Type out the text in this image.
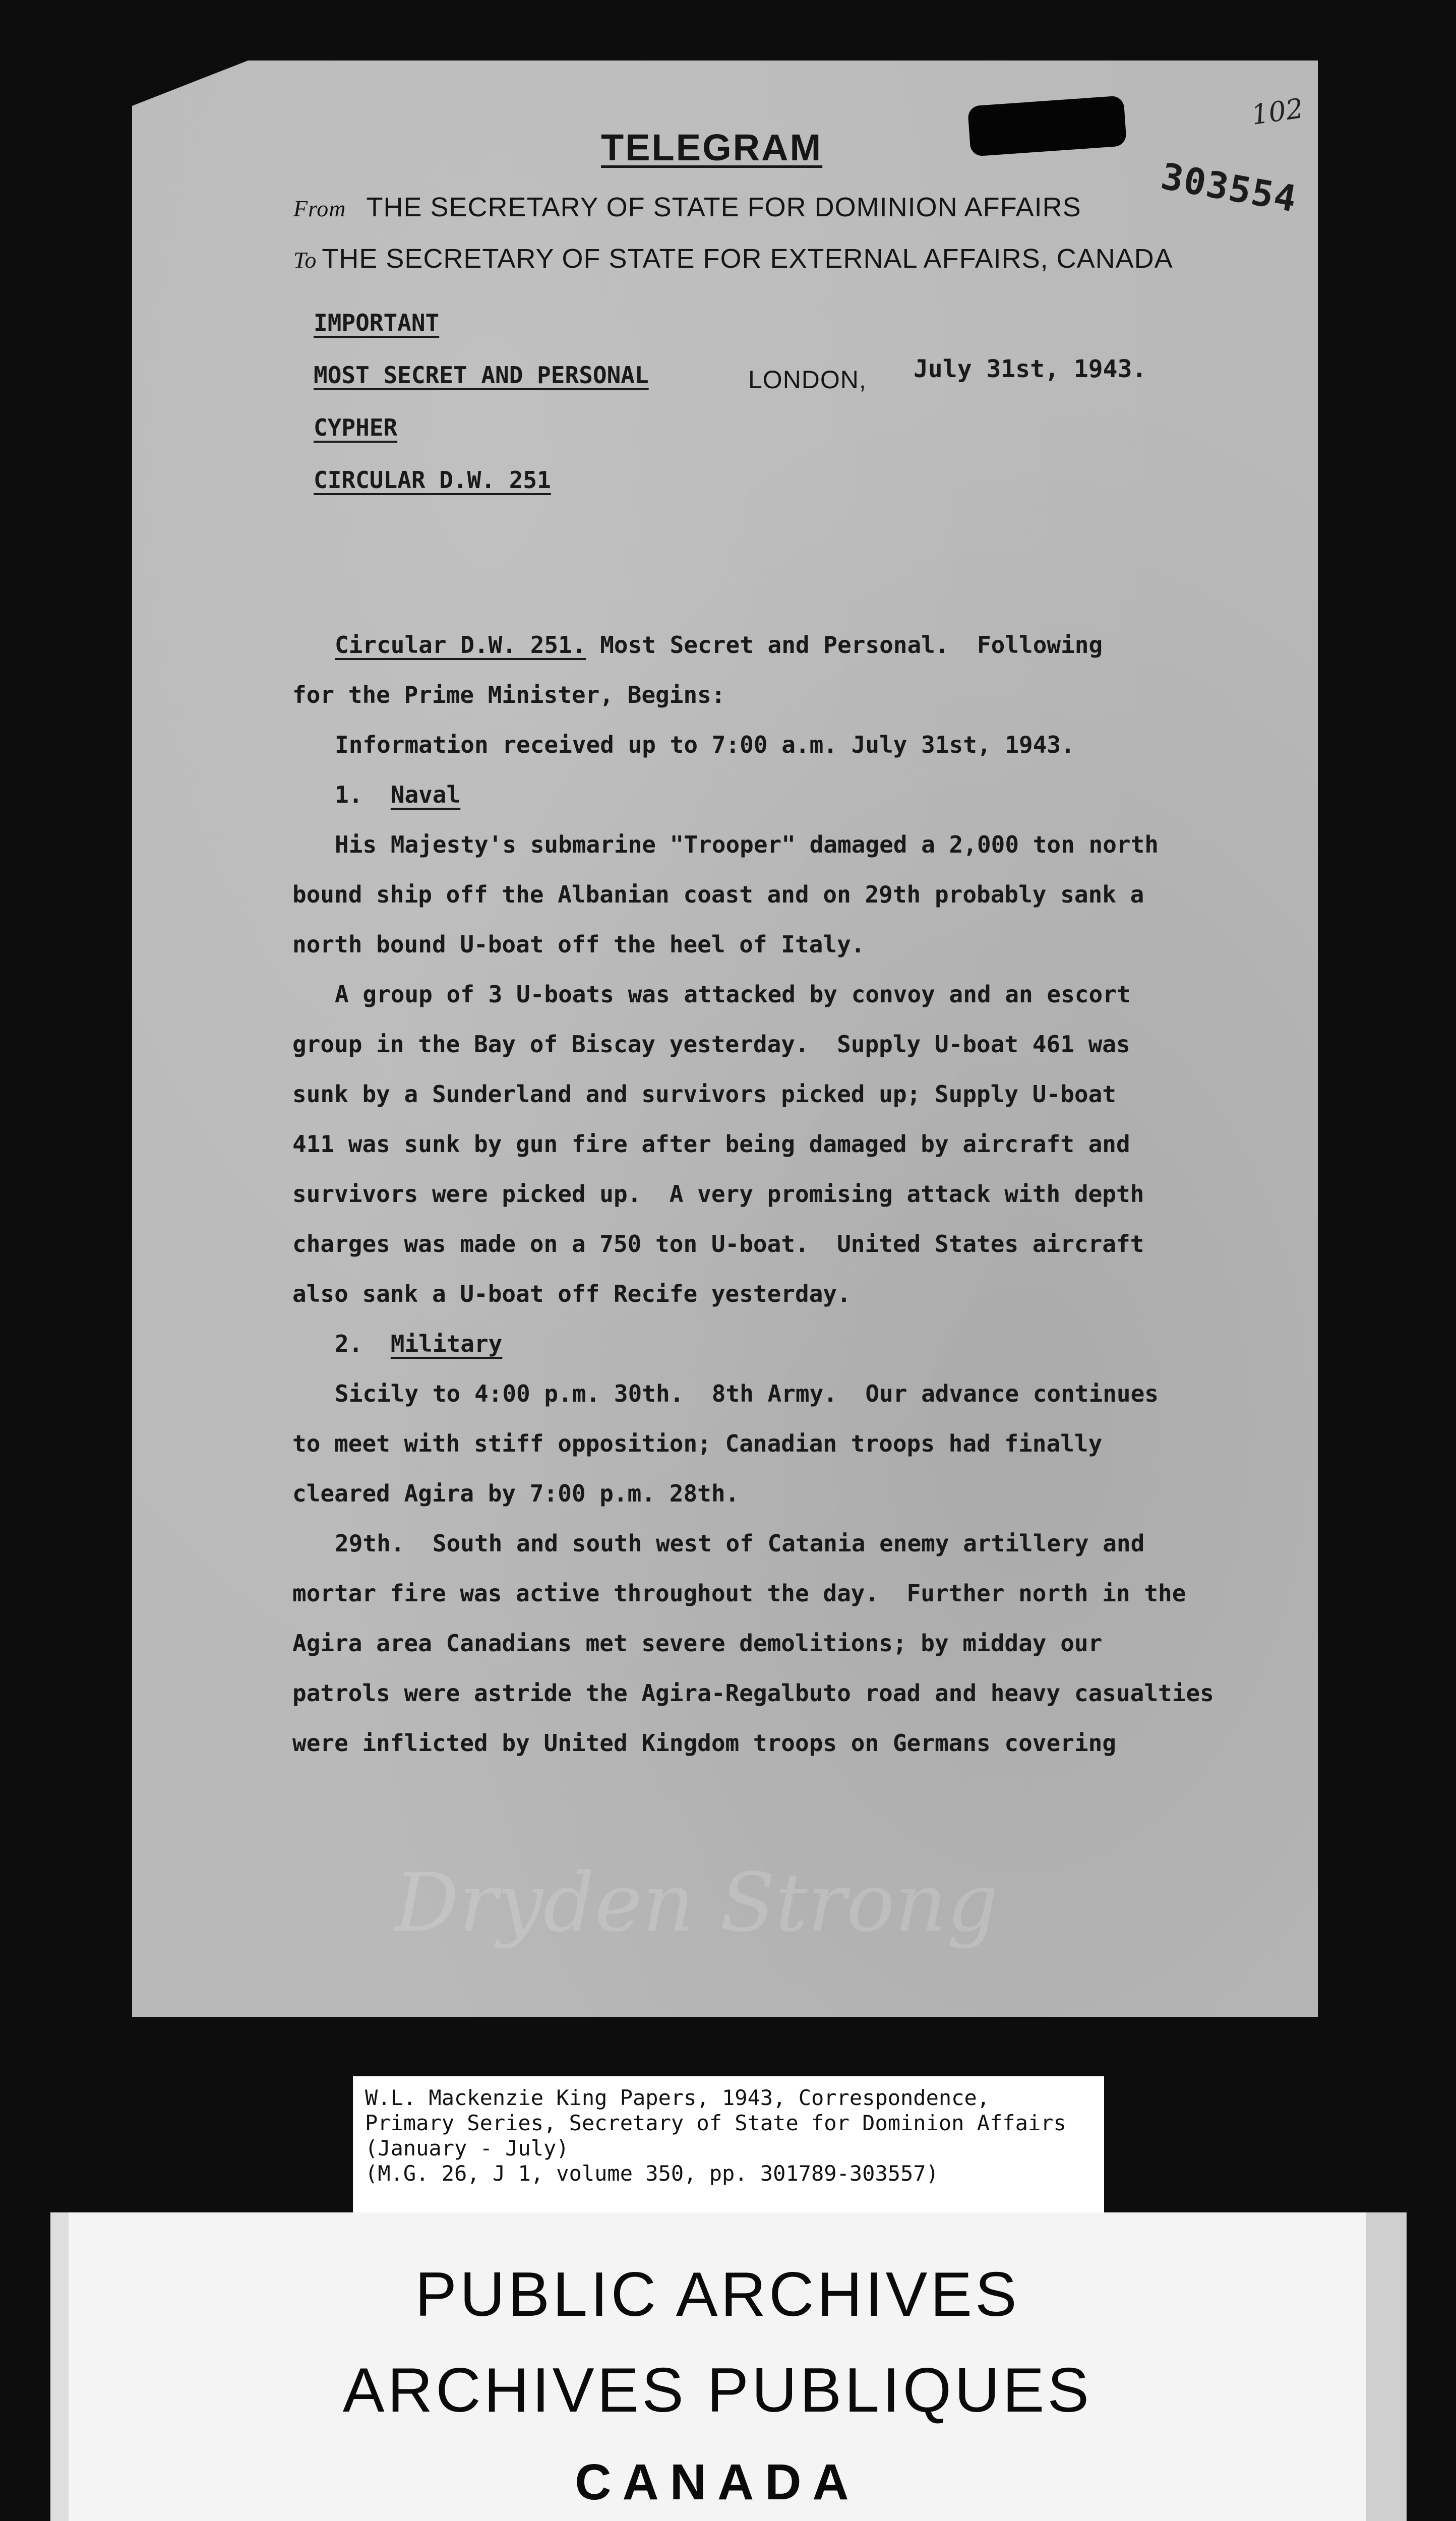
TELEGRAM
102
303554
From THE SECRETARY OF STATE FOR DOMINION AFFAIRS
To THE SECRETARY OF STATE FOR EXTERNAL AFFAIRS, CANADA
IMPORTANT
MOST SECRET AND PERSONAL
CYPHER
CIRCULAR D.W. 251
LONDON, July 31st, 1943.
Circular D.W. 251. Most Secret and Personal.  Following
for the Prime Minister, Begins:
Information received up to 7:00 a.m. July 31st, 1943.
1.  Naval
His Majesty's submarine "Trooper" damaged a 2,000 ton north
bound ship off the Albanian coast and on 29th probably sank a
north bound U-boat off the heel of Italy.
A group of 3 U-boats was attacked by convoy and an escort
group in the Bay of Biscay yesterday.  Supply U-boat 461 was
sunk by a Sunderland and survivors picked up; Supply U-boat
411 was sunk by gun fire after being damaged by aircraft and
survivors were picked up.  A very promising attack with depth
charges was made on a 750 ton U-boat.  United States aircraft
also sank a U-boat off Recife yesterday.
2.  Military
Sicily to 4:00 p.m. 30th.  8th Army.  Our advance continues
to meet with stiff opposition; Canadian troops had finally
cleared Agira by 7:00 p.m. 28th.
29th.  South and south west of Catania enemy artillery and
mortar fire was active throughout the day.  Further north in the
Agira area Canadians met severe demolitions; by midday our
patrols were astride the Agira-Regalbuto road and heavy casualties
were inflicted by United Kingdom troops on Germans covering
Dryden Strong
W.L. Mackenzie King Papers, 1943, Correspondence,
Primary Series, Secretary of State for Dominion Affairs
(January - July)
(M.G. 26, J 1, volume 350, pp. 301789-303557)
PUBLIC ARCHIVES
ARCHIVES PUBLIQUES
CANADA
